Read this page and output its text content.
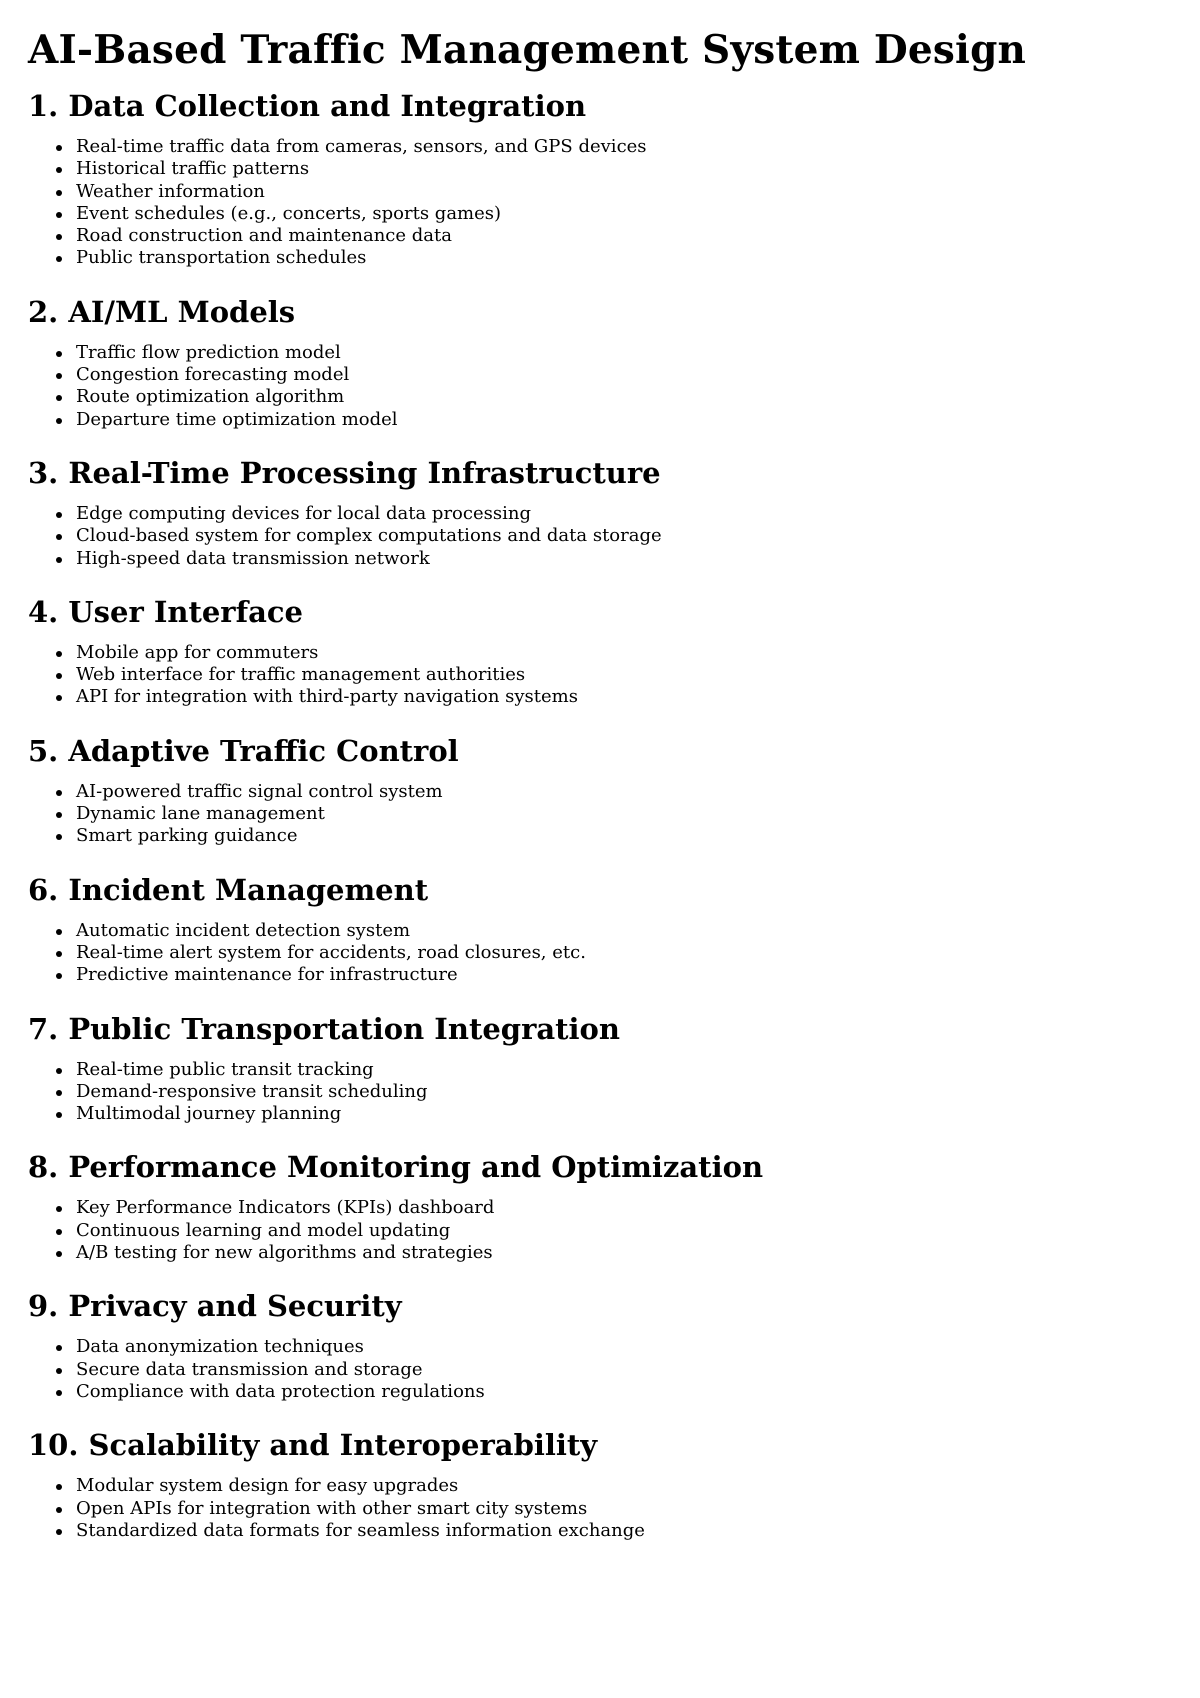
AI-Based Traffic Management System Design
1. Data Collection and Integration
Real-time traffic data from cameras, sensors, and GPS devices
Historical traffic patterns
Weather information
Event schedules (e.g., concerts, sports games)
Road construction and maintenance data
Public transportation schedules
2. AI/ML Models
Traffic flow prediction model
Congestion forecasting model
Route optimization algorithm
Departure time optimization model
3. Real-Time Processing Infrastructure
Edge computing devices for local data processing
Cloud-based system for complex computations and data storage
High-speed data transmission network
4. User Interface
Mobile app for commuters
Web interface for traffic management authorities
API for integration with third-party navigation systems
5. Adaptive Traffic Control
AI-powered traffic signal control system
Dynamic lane management
Smart parking guidance
6. Incident Management
Automatic incident detection system
Real-time alert system for accidents, road closures, etc.
Predictive maintenance for infrastructure
7. Public Transportation Integration
Real-time public transit tracking
Demand-responsive transit scheduling
Multimodal journey planning
8. Performance Monitoring and Optimization
Key Performance Indicators (KPIs) dashboard
Continuous learning and model updating
A/B testing for new algorithms and strategies
9. Privacy and Security
Data anonymization techniques
Secure data transmission and storage
Compliance with data protection regulations
10. Scalability and Interoperability
Modular system design for easy upgrades
Open APIs for integration with other smart city systems
Standardized data formats for seamless information exchange
